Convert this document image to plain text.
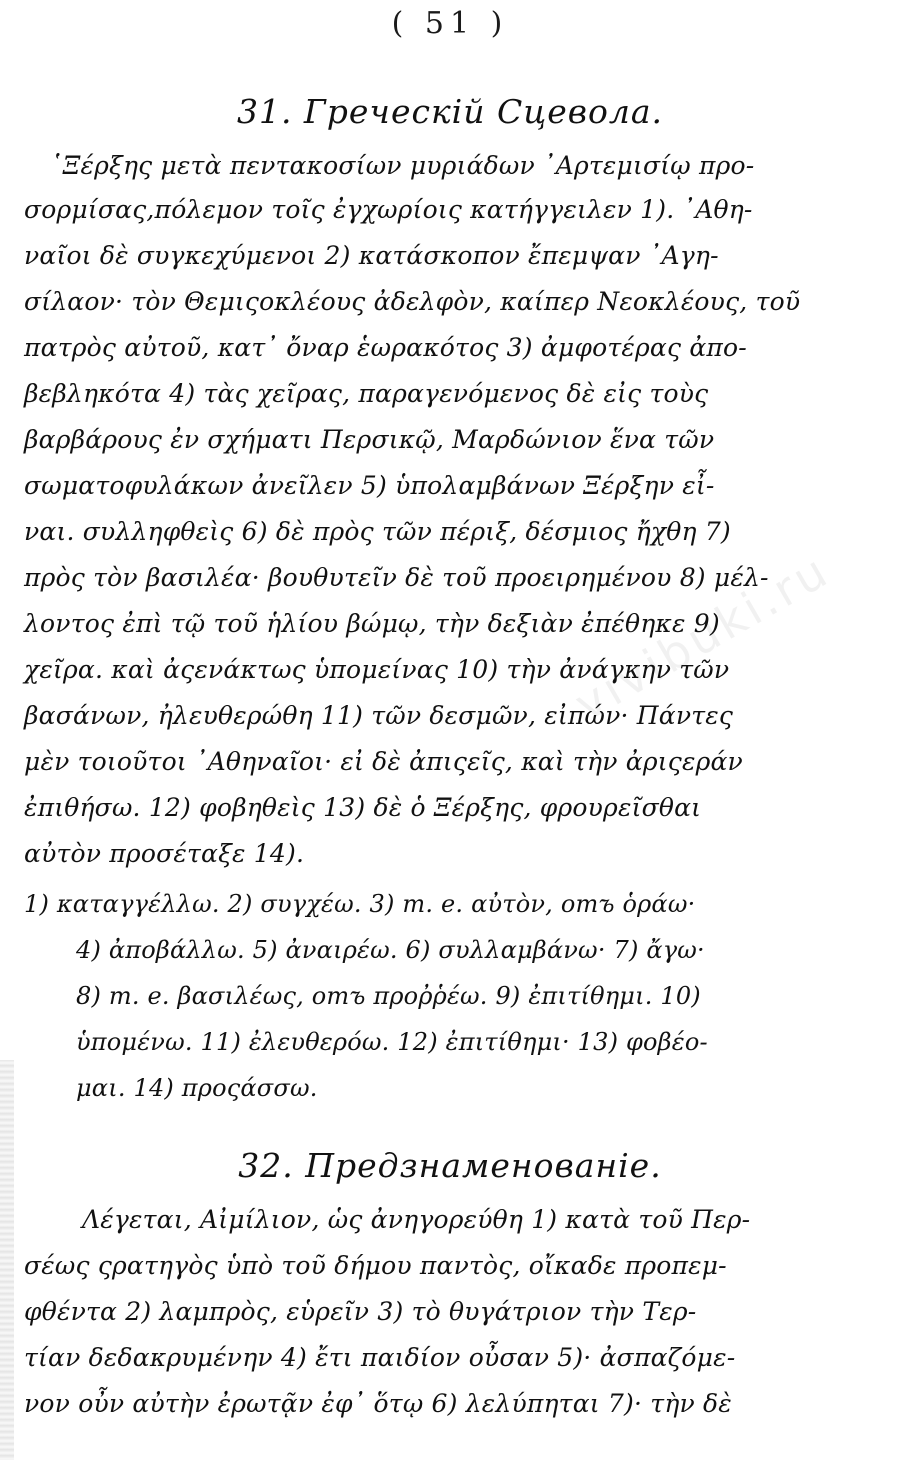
( 51 )
31. Греческій Сцевола.
῾Ξέρξης μετὰ πεντακοσίων μυριάδων ᾿Αρτεμισίῳ προ-
σορμίσας,πόλεμον τοῖς ἐγχωρίοις κατήγγειλεν 1). ᾿Αθη-
ναῖοι δὲ συγκεχύμενοι 2) κατάσκοπον ἔπεμψαν ᾿Αγη-
σίλαον· τὸν Θεμιςοκλέους ἀδελφὸν, καίπερ Νεοκλέους, τοῦ
πατρὸς αὐτοῦ, κατ᾿ ὄναρ ἑωρακότος 3) ἀμφοτέρας ἀπο-
βεβληκότα 4) τὰς χεῖρας, παραγενόμενος δὲ εἰς τοὺς
βαρβάρους ἐν σχήματι Περσικῷ, Μαρδώνιον ἕνα τῶν
σωματοφυλάκων ἀνεῖλεν 5) ὑπολαμβάνων Ξέρξην εἶ-
ναι. συλληφθεὶς 6) δὲ πρὸς τῶν πέριξ, δέσμιος ἤχθη 7)
πρὸς τὸν βασιλέα· βουθυτεῖν δὲ τοῦ προειρημένου 8) μέλ-
λοντος ἐπὶ τῷ τοῦ ἡλίου βώμῳ, τὴν δεξιὰν ἐπέθηκε 9)
χεῖρα. καὶ ἀςενάκτως ὑπομείνας 10) τὴν ἀνάγκην τῶν
βασάνων, ἠλευθερώθη 11) τῶν δεσμῶν, εἰπών· Πάντες
μὲν τοιοῦτοι ᾿Αθηναῖοι· εἰ δὲ ἀπιςεῖς, καὶ τὴν ἀριςεράν
ἐπιθήσω. 12) φοβηθεὶς 13) δὲ ὁ Ξέρξης, φρουρεῖσθαι
αὐτὸν προσέταξε 14).
1) καταγγέλλω. 2) συγχέω. 3) т. е. αὐτὸν, отъ ὁράω·
4) ἀποβάλλω. 5) ἀναιρέω. 6) συλλαμβάνω· 7) ἄγω·
8) т. е. βασιλέως, отъ προῤῥέω. 9) ἐπιτίθημι. 10)
ὑπομένω. 11) ἐλευθερόω. 12) ἐπιτίθημι· 13) φοβέο-
μαι. 14) προςάσσω.
32. Предзнаменованіе.
Λέγεται, Αἰμίλιον, ὡς ἀνηγορεύθη 1) κατὰ τοῦ Περ-
σέως ςρατηγὸς ὑπὸ τοῦ δήμου παντὸς, οἴκαδε προπεμ-
φθέντα 2) λαμπρὸς, εὑρεῖν 3) τὸ θυγάτριον τὴν Τερ-
τίαν δεδακρυμένην 4) ἔτι παιδίον οὖσαν 5)· ἀσπαζόμε-
νον οὖν αὐτὴν ἐρωτᾷν ἐφ᾿ ὅτῳ 6) λελύπηται 7)· τὴν δὲ
vivibuki.ru
